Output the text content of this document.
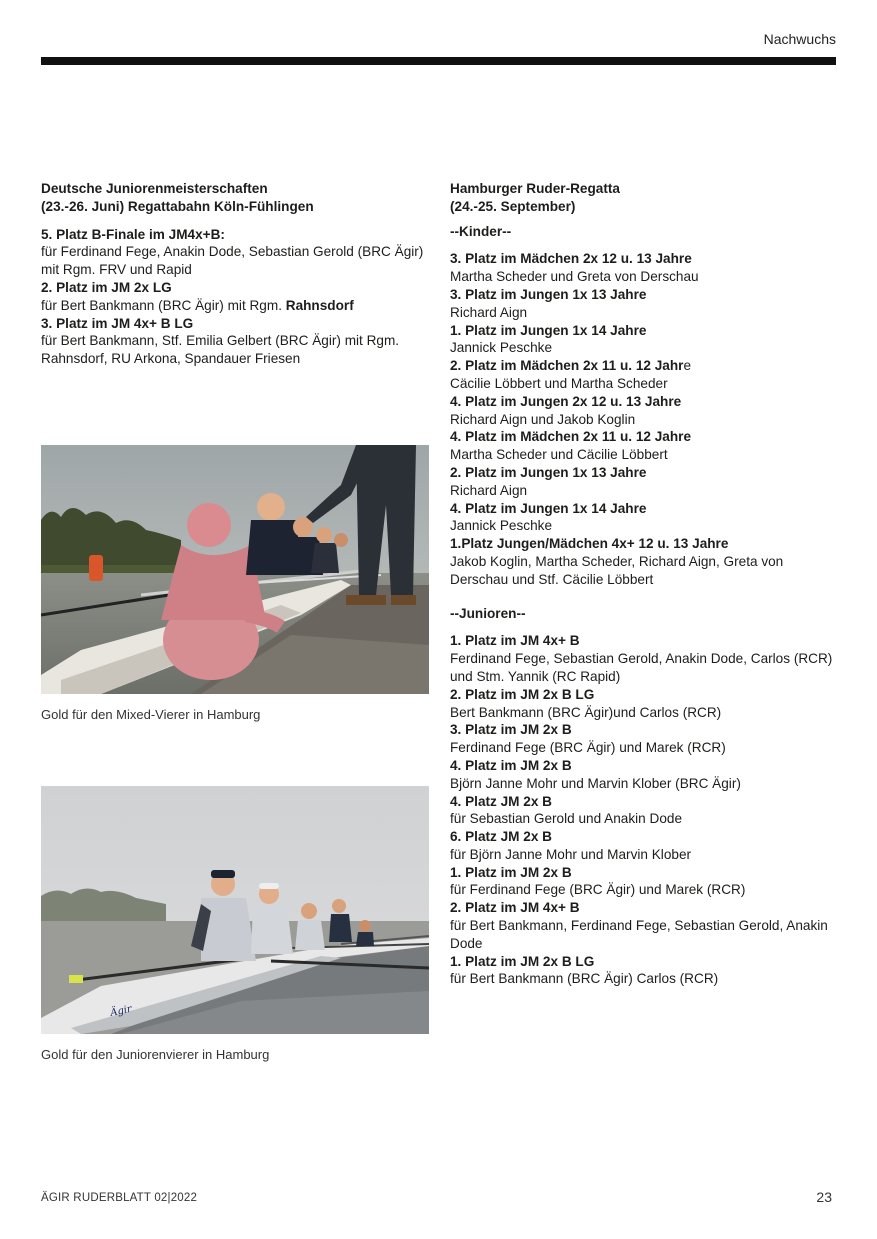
Nachwuchs
Deutsche Juniorenmeisterschaften
(23.-26. Juni) Regattabahn Köln-Fühlingen
5. Platz B-Finale im JM4x+B:
für Ferdinand Fege, Anakin Dode, Sebastian Gerold (BRC Ägir) mit Rgm. FRV und Rapid
2. Platz im JM 2x LG
für Bert Bankmann (BRC Ägir) mit Rgm. Rahnsdorf
3. Platz im JM 4x+ B LG
für Bert Bankmann, Stf. Emilia Gelbert (BRC Ägir) mit Rgm. Rahnsdorf, RU Arkona, Spandauer Friesen
Gold für den Mixed-Vierer in Hamburg
Ägir
Gold für den Juniorenvierer in Hamburg
Hamburger Ruder-Regatta
(24.-25. September)
--Kinder--
3. Platz im Mädchen 2x 12 u. 13 Jahre
Martha Scheder und Greta von Derschau
3. Platz im Jungen 1x 13 Jahre
Richard Aign
1. Platz im Jungen 1x 14 Jahre
Jannick Peschke
2. Platz im Mädchen 2x 11 u. 12 Jahre
Cäcilie Löbbert und Martha Scheder
4. Platz im Jungen 2x 12 u. 13 Jahre
Richard Aign und Jakob Koglin
4. Platz im Mädchen 2x 11 u. 12 Jahre
Martha Scheder und Cäcilie Löbbert
2. Platz im Jungen 1x 13 Jahre
Richard Aign
4. Platz im Jungen 1x 14 Jahre
Jannick Peschke
1.Platz Jungen/Mädchen 4x+ 12 u. 13 Jahre
Jakob Koglin, Martha Scheder, Richard Aign, Greta von Derschau und Stf. Cäcilie Löbbert
--Junioren--
1. Platz im JM 4x+ B
Ferdinand Fege, Sebastian Gerold, Anakin Dode, Carlos (RCR) und Stm. Yannik (RC Rapid)
2. Platz im JM 2x B LG
Bert Bankmann (BRC Ägir)und Carlos (RCR)
3. Platz im JM 2x B
Ferdinand Fege (BRC Ägir) und Marek (RCR)
4. Platz im JM 2x B
Björn Janne Mohr und Marvin Klober (BRC Ägir)
4. Platz JM 2x B
für Sebastian Gerold und Anakin Dode
6. Platz JM 2x B
für Björn Janne Mohr und Marvin Klober
1. Platz im JM 2x B
für Ferdinand Fege (BRC Ägir) und Marek (RCR)
2. Platz im JM 4x+ B
für Bert Bankmann, Ferdinand Fege, Sebastian Gerold, Anakin Dode
1. Platz im JM 2x B LG
für Bert Bankmann (BRC Ägir) Carlos (RCR)
ÄGIR RUDERBLATT 02|2022	23
